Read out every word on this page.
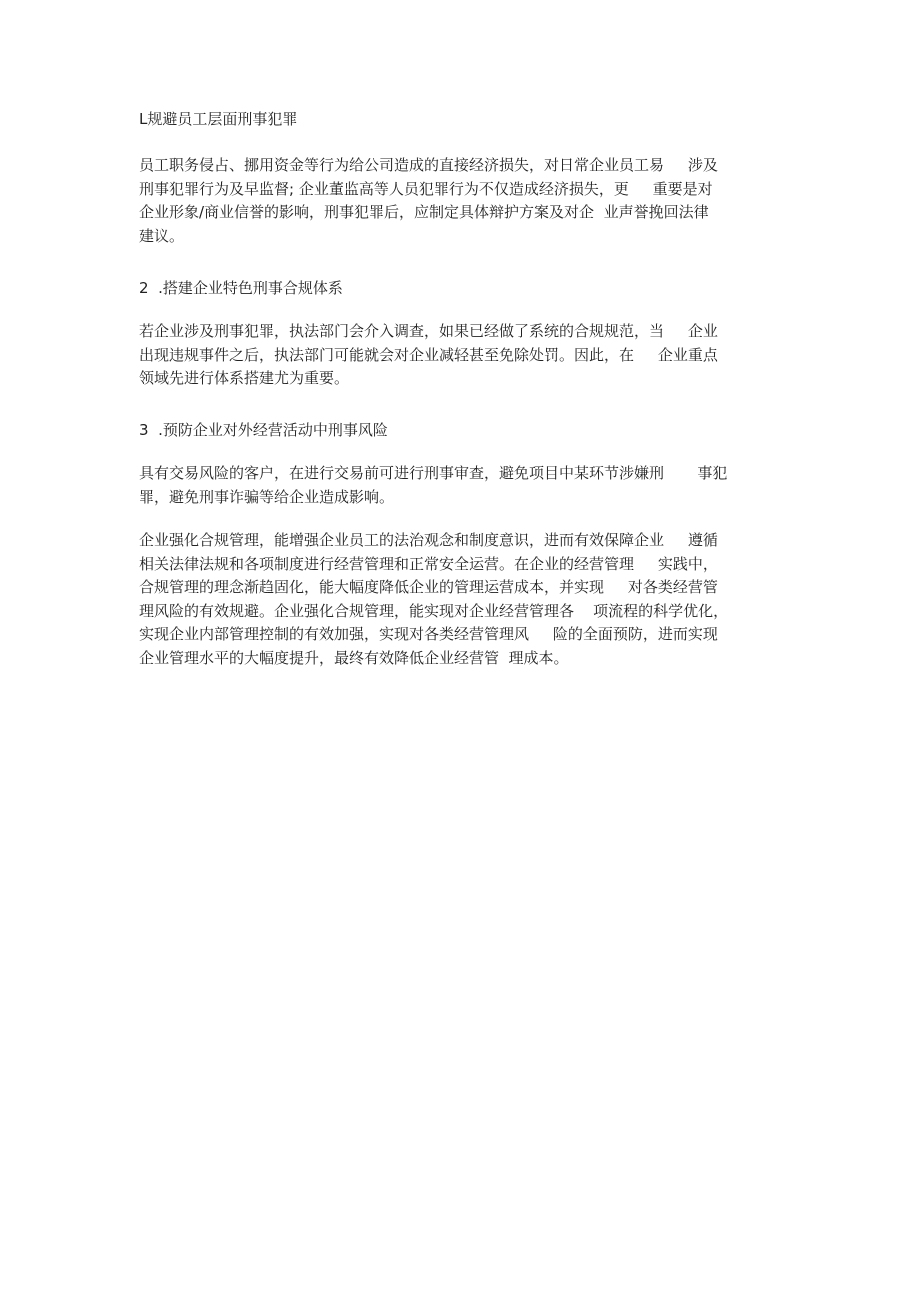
L规避员工层面刑事犯罪
员工职务侵占、挪用资金等行为给公司造成的直接经济损失，对日常企业员工易     涉及
刑事犯罪行为及早监督; 企业董监高等人员犯罪行为不仅造成经济损失，更     重要是对
企业形象/商业信誉的影响，刑事犯罪后，应制定具体辩护方案及对企  业声誉挽回法律
建议。
2  .搭建企业特色刑事合规体系
若企业涉及刑事犯罪，执法部门会介入调查，如果已经做了系统的合规规范，当     企业
出现违规事件之后，执法部门可能就会对企业减轻甚至免除处罚。因此，在     企业重点
领域先进行体系搭建尤为重要。
3  .预防企业对外经营活动中刑事风险
具有交易风险的客户，在进行交易前可进行刑事审查，避免项目中某环节涉嫌刑       事犯
罪，避免刑事诈骗等给企业造成影响。
企业强化合规管理，能增强企业员工的法治观念和制度意识，进而有效保障企业     遵循
相关法律法规和各项制度进行经营管理和正常安全运营。在企业的经营管理     实践中，
合规管理的理念渐趋固化，能大幅度降低企业的管理运营成本，并实现     对各类经营管
理风险的有效规避。企业强化合规管理，能实现对企业经营管理各    项流程的科学优化，
实现企业内部管理控制的有效加强，实现对各类经营管理风     险的全面预防，进而实现
企业管理水平的大幅度提升，最终有效降低企业经营管  理成本。
